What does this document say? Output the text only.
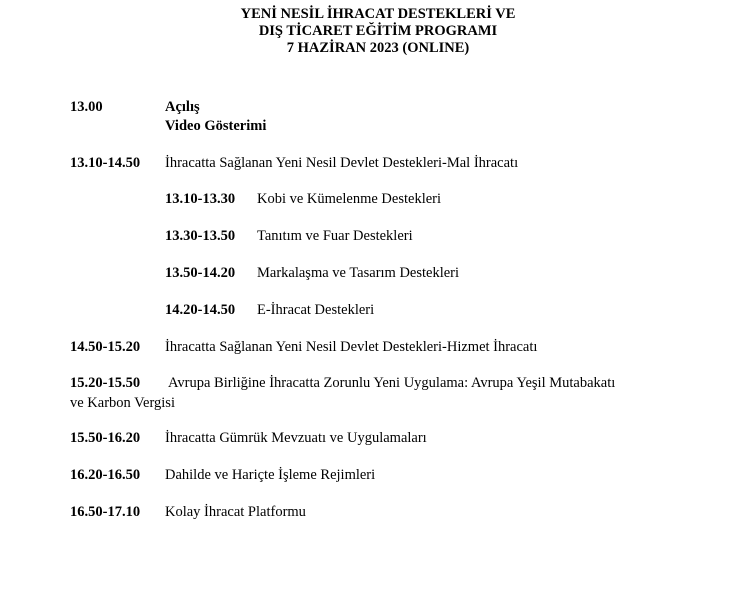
YENİ NESİL İHRACAT DESTEKLERİ VE
DIŞ TİCARET EĞİTİM PROGRAMI
7 HAZİRAN 2023 (ONLINE)
13.00	Açılış
Video Gösterimi
13.10-14.50 İhracatta Sağlanan Yeni Nesil Devlet Destekleri-Mal İhracatı
13.10-13.30 Kobi ve Kümelenme Destekleri
13.30-13.50 Tanıtım ve Fuar Destekleri
13.50-14.20 Markalaşma ve Tasarım Destekleri
14.20-14.50 E-İhracat Destekleri
14.50-15.20 İhracatta Sağlanan Yeni Nesil Devlet Destekleri-Hizmet İhracatı
15.20-15.50 Avrupa Birliğine İhracatta Zorunlu Yeni Uygulama: Avrupa Yeşil Mutabakatı
ve Karbon Vergisi
15.50-16.20 İhracatta Gümrük Mevzuatı ve Uygulamaları
16.20-16.50 Dahilde ve Hariçte İşleme Rejimleri
16.50-17.10 Kolay İhracat Platformu
